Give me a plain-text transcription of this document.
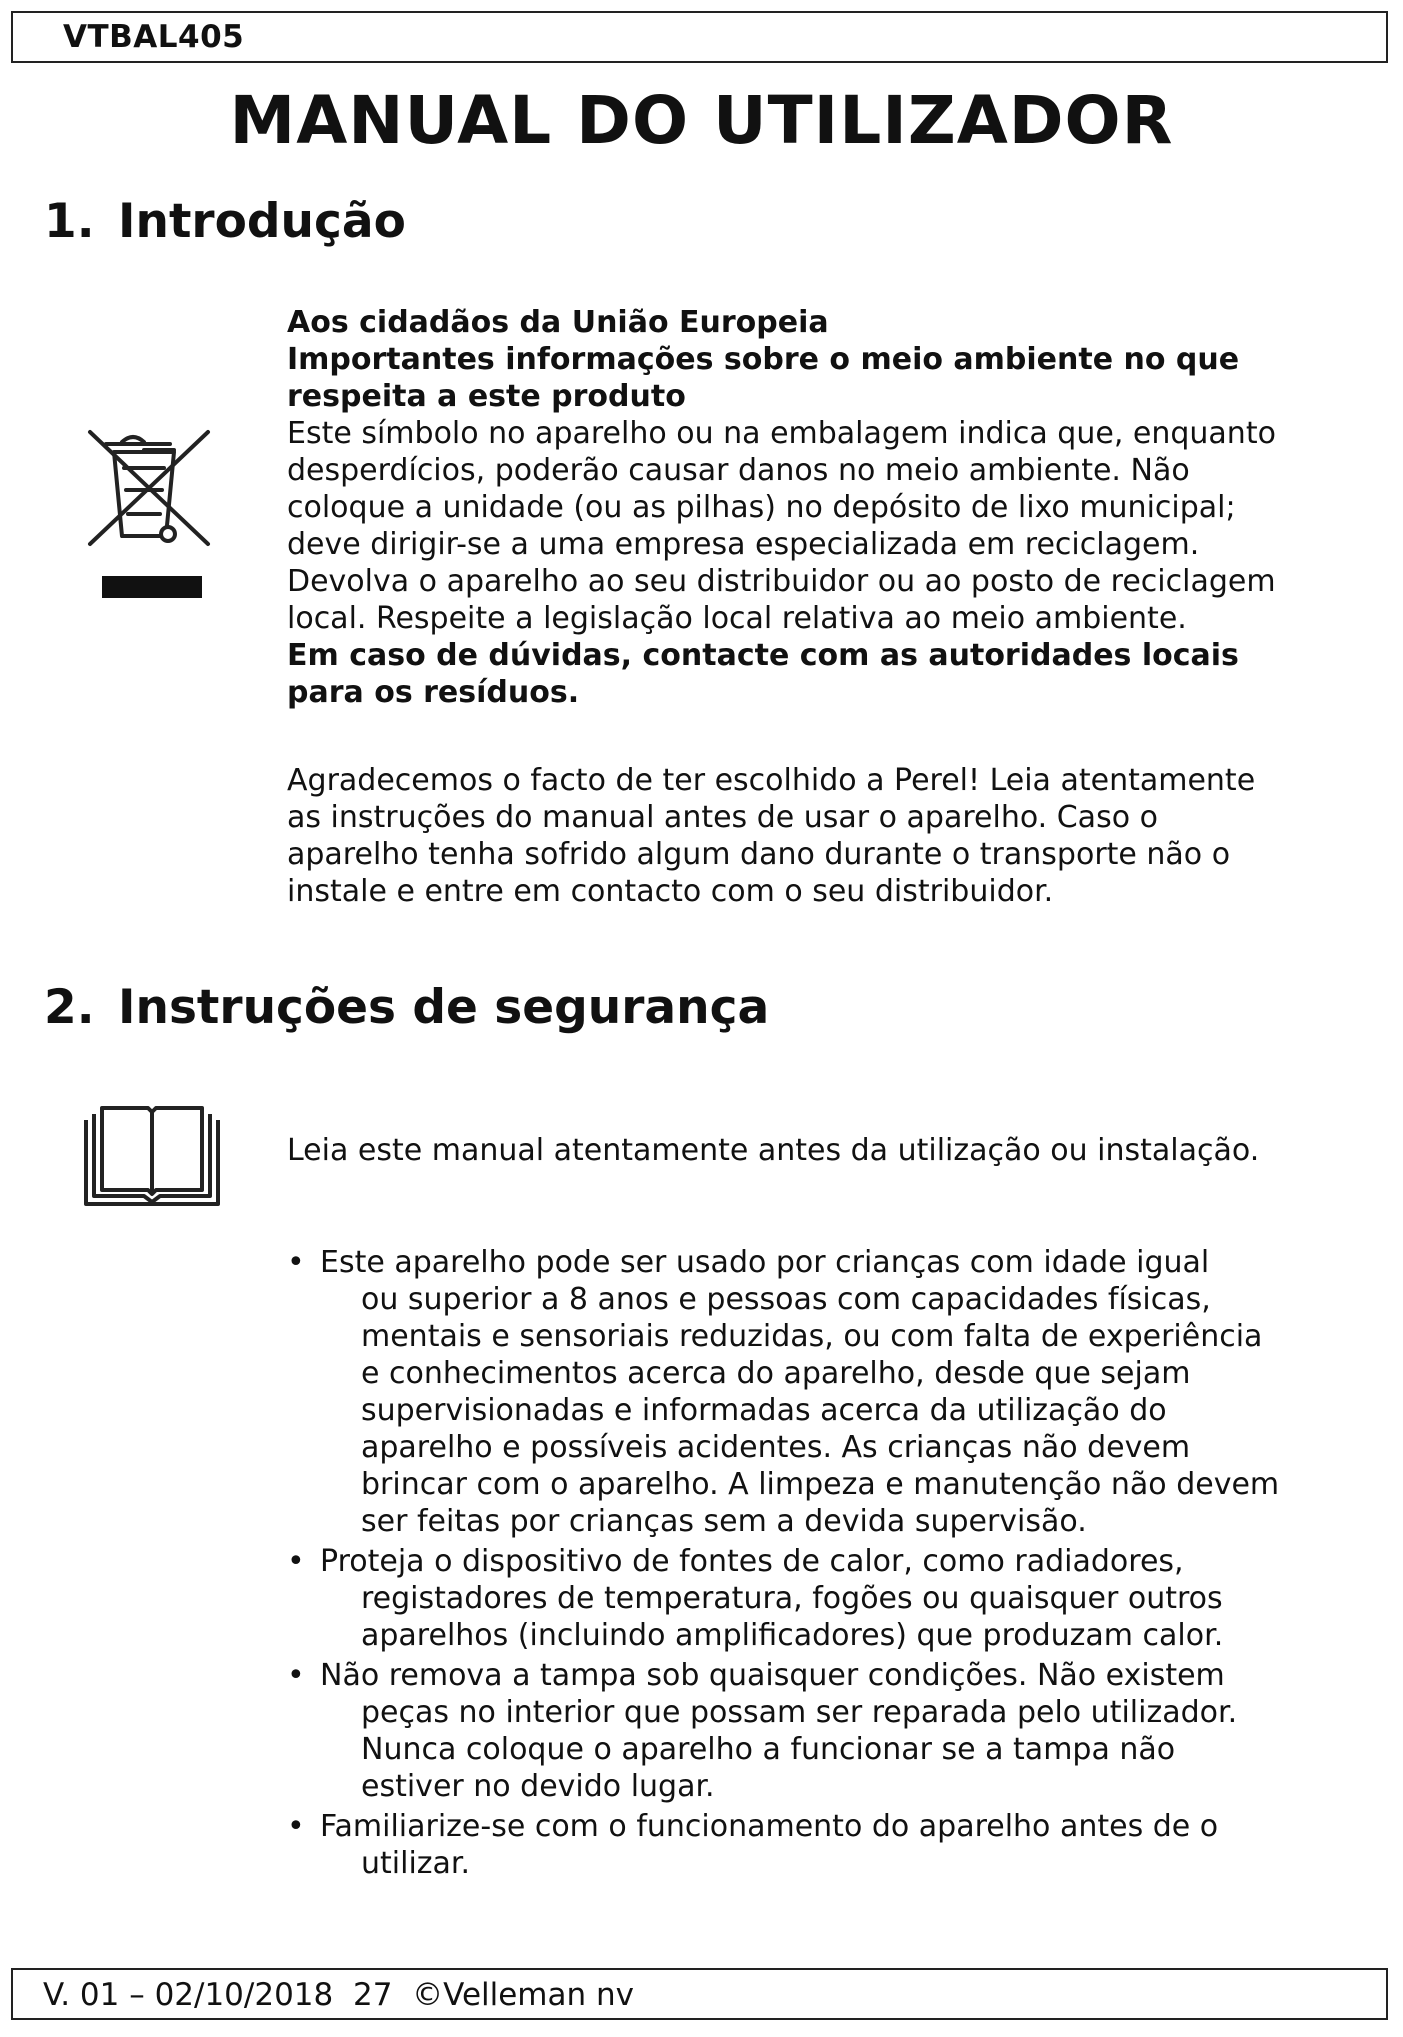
VTBAL405
MANUAL DO UTILIZADOR
1. Introdução
Aos cidadãos da União Europeia
Importantes informações sobre o meio ambiente no que
respeita a este produto
Este símbolo no aparelho ou na embalagem indica que, enquanto
desperdícios, poderão causar danos no meio ambiente. Não
coloque a unidade (ou as pilhas) no depósito de lixo municipal;
deve dirigir-se a uma empresa especializada em reciclagem.
Devolva o aparelho ao seu distribuidor ou ao posto de reciclagem
local. Respeite a legislação local relativa ao meio ambiente.
Em caso de dúvidas, contacte com as autoridades locais
para os resíduos.
Agradecemos o facto de ter escolhido a Perel! Leia atentamente
as instruções do manual antes de usar o aparelho. Caso o
aparelho tenha sofrido algum dano durante o transporte não o
instale e entre em contacto com o seu distribuidor.
2. Instruções de segurança
Leia este manual atentamente antes da utilização ou instalação.
• Este aparelho pode ser usado por crianças com idade igual
ou superior a 8 anos e pessoas com capacidades físicas,
mentais e sensoriais reduzidas, ou com falta de experiência
e conhecimentos acerca do aparelho, desde que sejam
supervisionadas e informadas acerca da utilização do
aparelho e possíveis acidentes. As crianças não devem
brincar com o aparelho. A limpeza e manutenção não devem
ser feitas por crianças sem a devida supervisão.
• Proteja o dispositivo de fontes de calor, como radiadores,
registadores de temperatura, fogões ou quaisquer outros
aparelhos (incluindo amplificadores) que produzam calor.
• Não remova a tampa sob quaisquer condições. Não existem
peças no interior que possam ser reparada pelo utilizador.
Nunca coloque o aparelho a funcionar se a tampa não
estiver no devido lugar.
• Familiarize-se com o funcionamento do aparelho antes de o
utilizar.
V. 01 – 02/10/2018 27 ©Velleman nv
